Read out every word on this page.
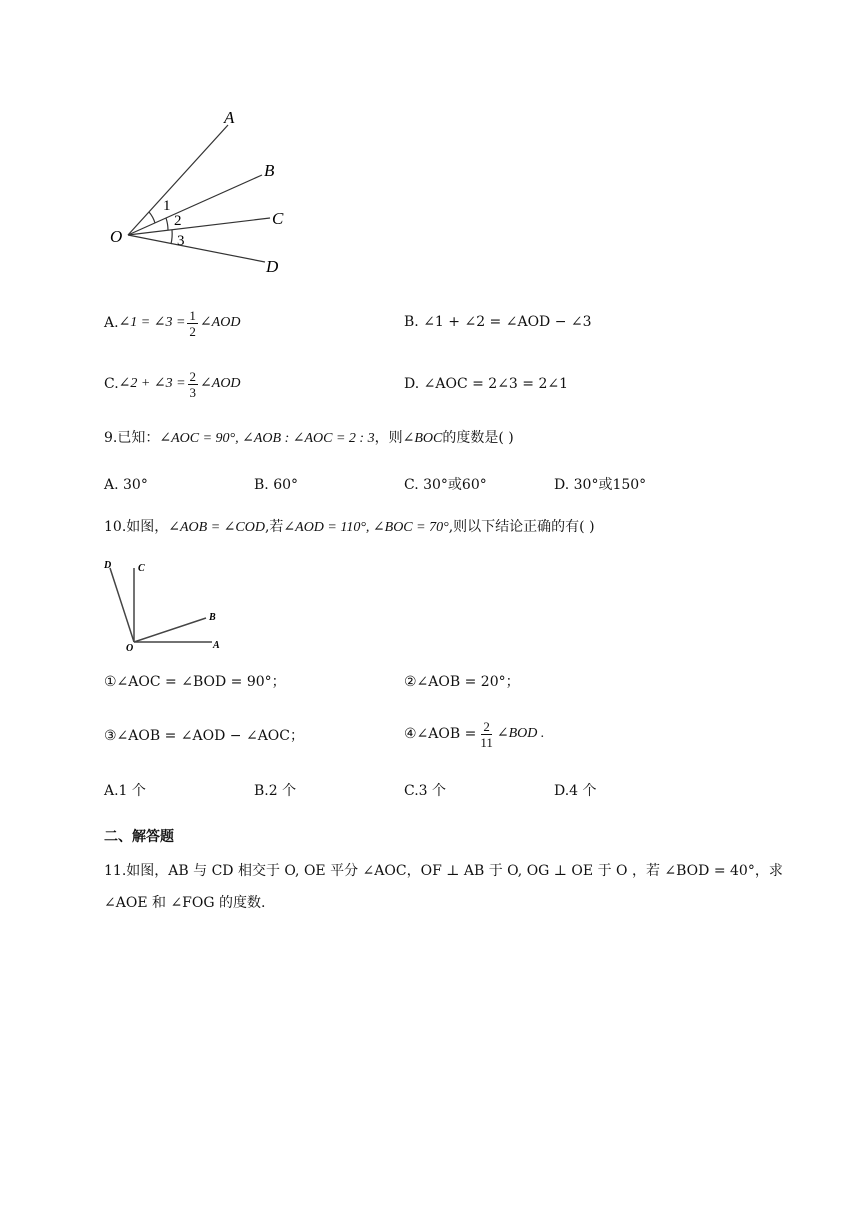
A
B
C
D
O
1
2
3
A. ∠1 = ∠3 = $\frac{1}{2}$ ∠AOD	B. ∠1 + ∠2 = ∠AOD − ∠3
C. ∠2 + ∠3 = $\frac{2}{3}$ ∠AOD	D. ∠AOC = 2∠3 = 2∠1
9.已知：∠AOC = 90°, ∠AOB : ∠AOC = 2 : 3，则∠BOC的度数是( )
A. 30°	B. 60°	C. 30°或60°	D. 30°或150°
10.如图，∠AOB = ∠COD,若∠AOD = 110°, ∠BOC = 70°,则以下结论正确的有( )
D	C
B
O	A
①∠AOC = ∠BOD = 90°；	②∠AOB = 20°；
③∠AOB = ∠AOD − ∠AOC；	④∠AOB = $\frac{2}{11}$ ∠BOD .
A.1 个	B.2 个	C.3 个	D.4 个
二、解答题
11.如图，AB 与 CD 相交于 O, OE 平分 ∠AOC，OF ⊥ AB 于 O, OG ⊥ OE 于 O ，若 ∠BOD = 40°，求
∠AOE 和 ∠FOG 的度数.
